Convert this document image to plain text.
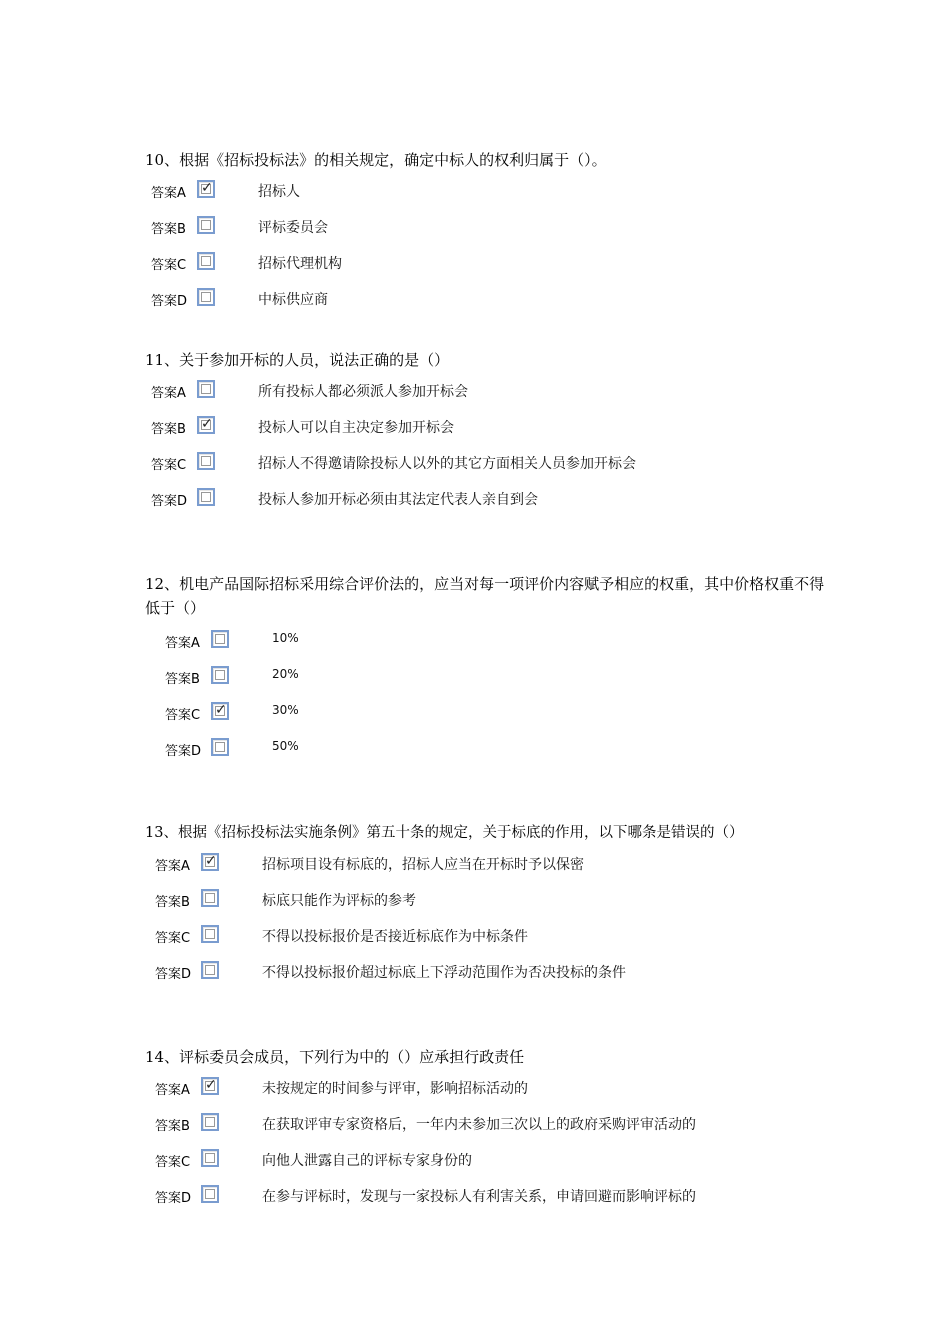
10、根据《招标投标法》的相关规定，确定中标人的权利归属于（）。

答案A ✓	招标人
答案B	评标委员会
答案C	招标代理机构
答案D	中标供应商

11、关于参加开标的人员，说法正确的是（）

答案A	所有投标人都必须派人参加开标会
答案B ✓	投标人可以自主决定参加开标会
答案C	招标人不得邀请除投标人以外的其它方面相关人员参加开标会
答案D	投标人参加开标必须由其法定代表人亲自到会

12、机电产品国际招标采用综合评价法的，应当对每一项评价内容赋予相应的权重，其中价格权重不得低于（）

答案A	10%
答案B	20%
答案C ✓	30%
答案D	50%

13、根据《招标投标法实施条例》第五十条的规定，关于标底的作用，以下哪条是错误的（）

答案A ✓	招标项目设有标底的，招标人应当在开标时予以保密
答案B	标底只能作为评标的参考
答案C	不得以投标报价是否接近标底作为中标条件
答案D	不得以投标报价超过标底上下浮动范围作为否决投标的条件

14、评标委员会成员，下列行为中的（）应承担行政责任

答案A ✓	未按规定的时间参与评审，影响招标活动的
答案B	在获取评审专家资格后，一年内未参加三次以上的政府采购评审活动的
答案C	向他人泄露自己的评标专家身份的
答案D	在参与评标时，发现与一家投标人有利害关系，申请回避而影响评标的
